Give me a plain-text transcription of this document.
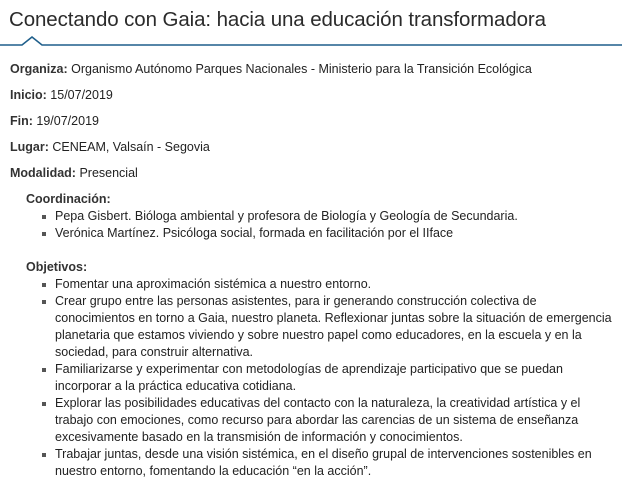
Conectando con Gaia: hacia una educación transformadora

Organiza: Organismo Autónomo Parques Nacionales - Ministerio para la Transición Ecológica

Inicio: 15/07/2019

Fin: 19/07/2019

Lugar: CENEAM, Valsaín - Segovia

Modalidad: Presencial

Coordinación:
Pepa Gisbert. Bióloga ambiental y profesora de Biología y Geología de Secundaria.
Verónica Martínez. Psicóloga social, formada en facilitación por el IIface
Objetivos:
Fomentar una aproximación sistémica a nuestro entorno.
Crear grupo entre las personas asistentes, para ir generando construcción colectiva de conocimientos en torno a Gaia, nuestro planeta. Reflexionar juntas sobre la situación de emergencia planetaria que estamos viviendo y sobre nuestro papel como educadores, en la escuela y en la sociedad, para construir alternativa.
Familiarizarse y experimentar con metodologías de aprendizaje participativo que se puedan incorporar a la práctica educativa cotidiana.
Explorar las posibilidades educativas del contacto con la naturaleza, la creatividad artística y el trabajo con emociones, como recurso para abordar las carencias de un sistema de enseñanza excesivamente basado en la transmisión de información y conocimientos.
Trabajar juntas, desde una visión sistémica, en el diseño grupal de intervenciones sostenibles en nuestro entorno, fomentando la educación “en la acción”.
